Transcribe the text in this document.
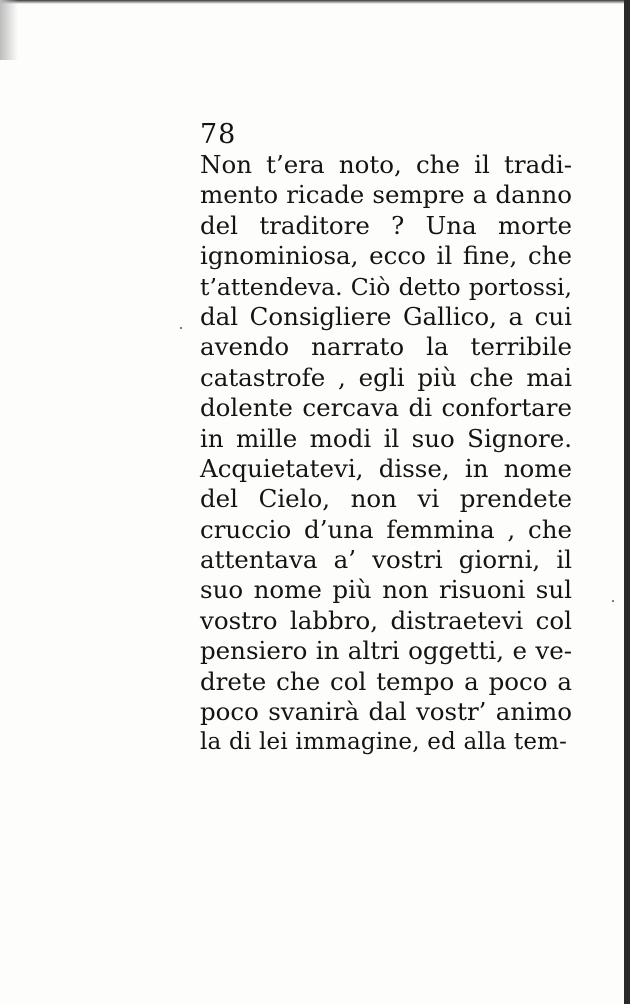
78
Non t’era noto, che il tradi-
mento ricade sempre a danno
del traditore ? Una morte
ignominiosa, ecco il fine, che
t’attendeva. Ciò detto portossi,
dal Consigliere Gallico, a cui
avendo narrato la terribile
catastrofe , egli più che mai
dolente cercava di confortare
in mille modi il suo Signore.
Acquietatevi, disse, in nome
del Cielo, non vi prendete
cruccio d’una femmina , che
attentava a’ vostri giorni, il
suo nome più non risuoni sul
vostro labbro, distraetevi col
pensiero in altri oggetti, e ve-
drete che col tempo a poco a
poco svanirà dal vostr’ animo
la di lei immagine, ed alla tem-
